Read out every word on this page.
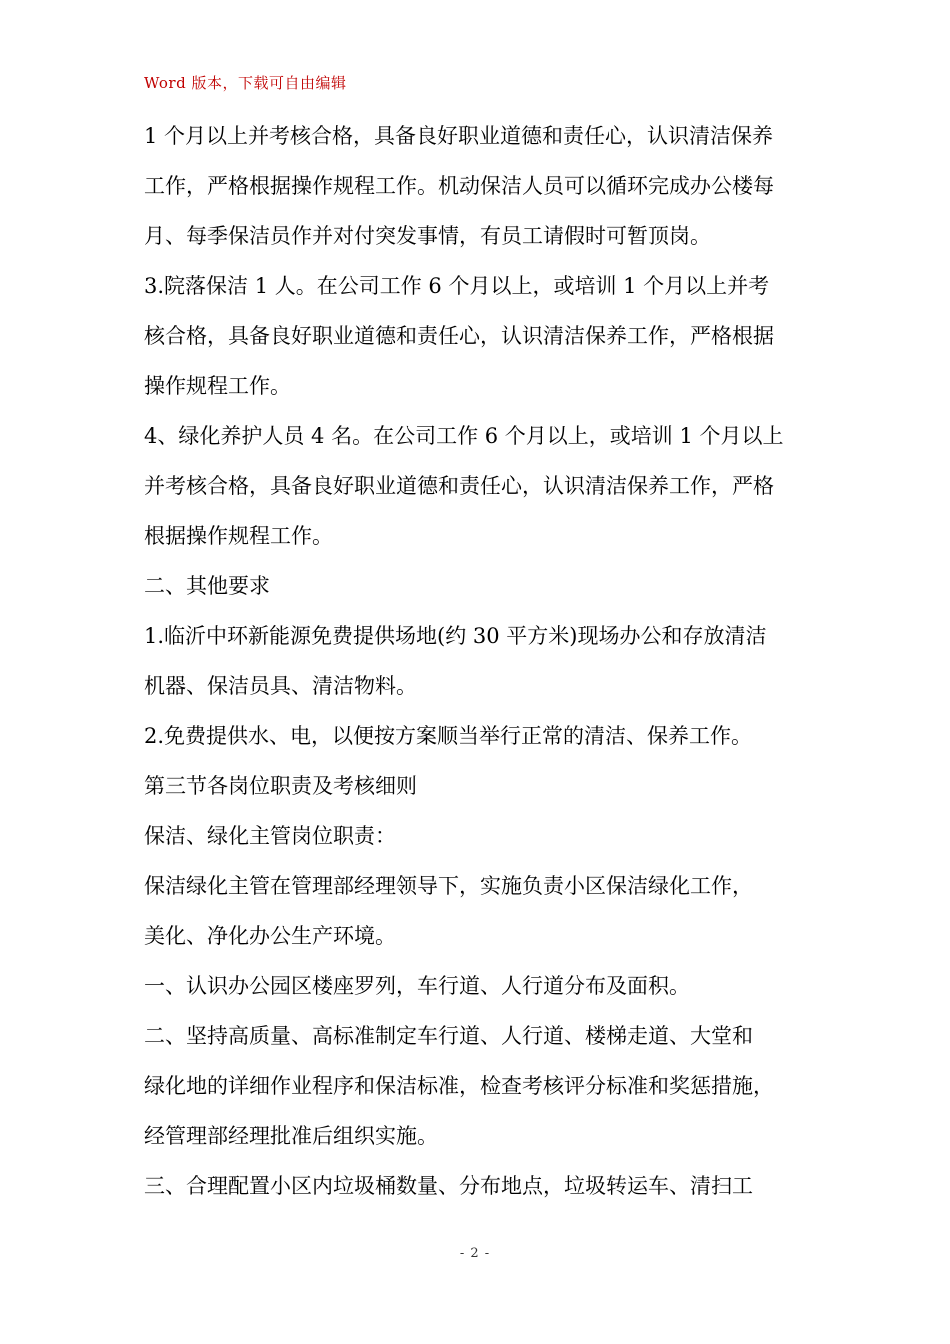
Word 版本，下载可自由编辑
1 个月以上并考核合格，具备良好职业道德和责任心，认识清洁保养
工作，严格根据操作规程工作。机动保洁人员可以循环完成办公楼每
月、每季保洁员作并对付突发事情，有员工请假时可暂顶岗。
3.院落保洁 1 人。在公司工作 6 个月以上，或培训 1 个月以上并考
核合格，具备良好职业道德和责任心，认识清洁保养工作，严格根据
操作规程工作。
4、绿化养护人员 4 名。在公司工作 6 个月以上，或培训 1 个月以上
并考核合格，具备良好职业道德和责任心，认识清洁保养工作，严格
根据操作规程工作。
二、其他要求
1.临沂中环新能源免费提供场地(约 30 平方米)现场办公和存放清洁
机器、保洁员具、清洁物料。
2.免费提供水、电，以便按方案顺当举行正常的清洁、保养工作。
第三节各岗位职责及考核细则
保洁、绿化主管岗位职责：
保洁绿化主管在管理部经理领导下，实施负责小区保洁绿化工作，
美化、净化办公生产环境。
一、认识办公园区楼座罗列，车行道、人行道分布及面积。
二、坚持高质量、高标准制定车行道、人行道、楼梯走道、大堂和
绿化地的详细作业程序和保洁标准，检查考核评分标准和奖惩措施，
经管理部经理批准后组织实施。
三、合理配置小区内垃圾桶数量、分布地点，垃圾转运车、清扫工
- 2 -
